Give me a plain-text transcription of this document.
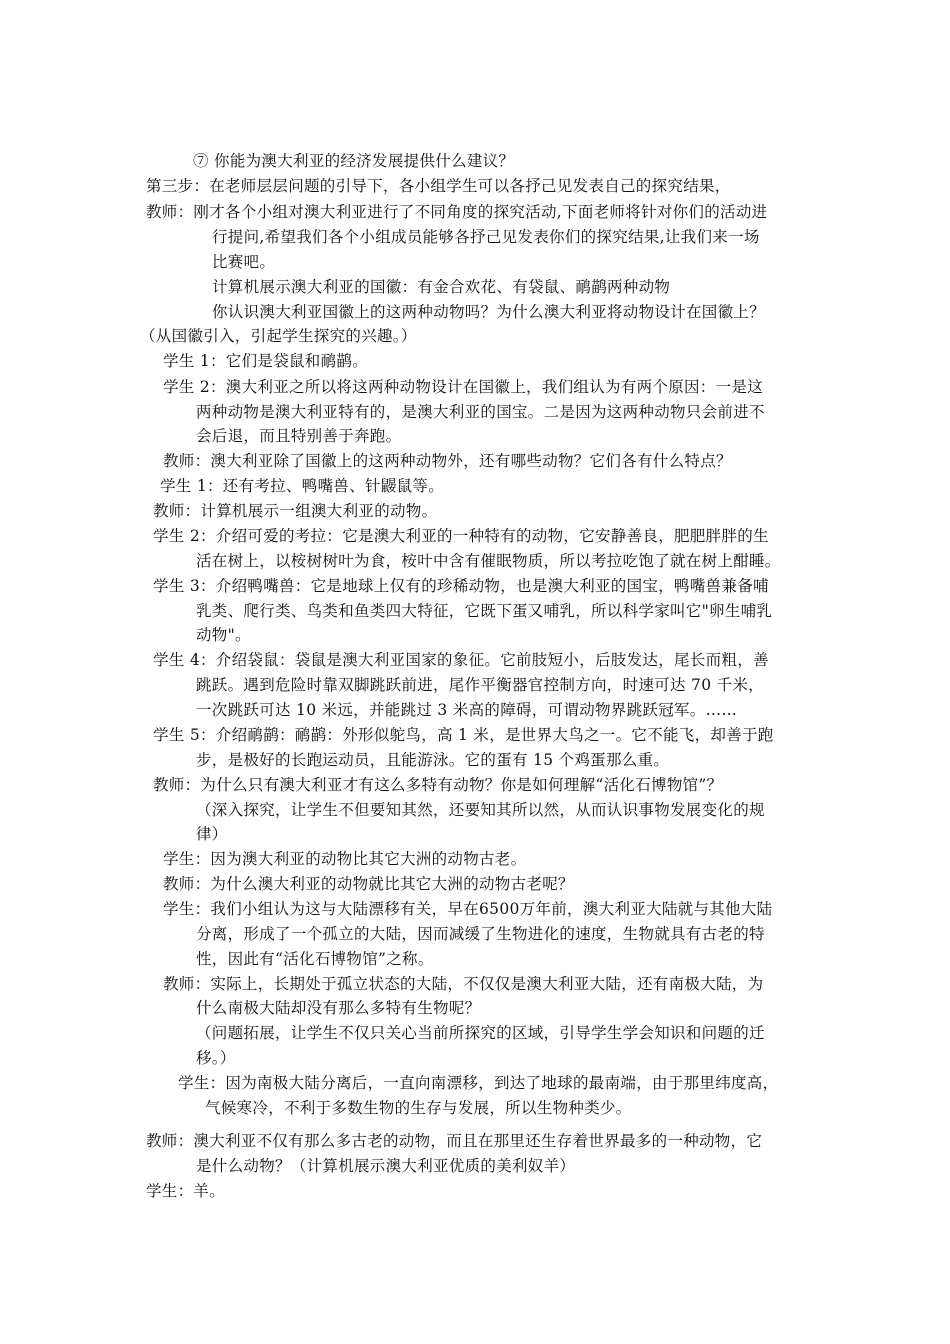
⑦ 你能为澳大利亚的经济发展提供什么建议？
第三步：在老师层层问题的引导下，各小组学生可以各抒己见发表自己的探究结果，
教师：刚才各个小组对澳大利亚进行了不同角度的探究活动,下面老师将针对你们的活动进
行提问,希望我们各个小组成员能够各抒己见发表你们的探究结果,让我们来一场
比赛吧。
计算机展示澳大利亚的国徽：有金合欢花、有袋鼠、鸸鹋两种动物
你认识澳大利亚国徽上的这两种动物吗？为什么澳大利亚将动物设计在国徽上？
（从国徽引入，引起学生探究的兴趣。）
学生 1：它们是袋鼠和鸸鹋。
学生 2：澳大利亚之所以将这两种动物设计在国徽上，我们组认为有两个原因：一是这
两种动物是澳大利亚特有的，是澳大利亚的国宝。二是因为这两种动物只会前进不
会后退，而且特别善于奔跑。
教师：澳大利亚除了国徽上的这两种动物外，还有哪些动物？它们各有什么特点？
学生 1：还有考拉、鸭嘴兽、针鼹鼠等。
教师：计算机展示一组澳大利亚的动物。
学生 2：介绍可爱的考拉：它是澳大利亚的一种特有的动物，它安静善良，肥肥胖胖的生
活在树上，以桉树树叶为食，桉叶中含有催眠物质，所以考拉吃饱了就在树上酣睡。
学生 3：介绍鸭嘴兽：它是地球上仅有的珍稀动物，也是澳大利亚的国宝，鸭嘴兽兼备哺
乳类、爬行类、鸟类和鱼类四大特征，它既下蛋又哺乳，所以科学家叫它"卵生哺乳
动物"。
学生 4：介绍袋鼠：袋鼠是澳大利亚国家的象征。它前肢短小，后肢发达，尾长而粗，善
跳跃。遇到危险时靠双脚跳跃前进，尾作平衡器官控制方向，时速可达 70 千米，
一次跳跃可达 10 米远，并能跳过 3 米高的障碍，可谓动物界跳跃冠军。……
学生 5：介绍鸸鹋：鸸鹋：外形似鸵鸟，高 1 米，是世界大鸟之一。它不能飞，却善于跑
步，是极好的长跑运动员，且能游泳。它的蛋有 15 个鸡蛋那么重。
教师：为什么只有澳大利亚才有这么多特有动物？你是如何理解“活化石博物馆”？
（深入探究，让学生不但要知其然，还要知其所以然，从而认识事物发展变化的规
律）
学生：因为澳大利亚的动物比其它大洲的动物古老。
教师：为什么澳大利亚的动物就比其它大洲的动物古老呢？
学生：我们小组认为这与大陆漂移有关，早在6500万年前，澳大利亚大陆就与其他大陆
分离，形成了一个孤立的大陆，因而减缓了生物进化的速度，生物就具有古老的特
性，因此有“活化石博物馆”之称。
教师：实际上，长期处于孤立状态的大陆，不仅仅是澳大利亚大陆，还有南极大陆，为
什么南极大陆却没有那么多特有生物呢？
（问题拓展，让学生不仅只关心当前所探究的区域，引导学生学会知识和问题的迁
移。）
学生：因为南极大陆分离后，一直向南漂移，到达了地球的最南端，由于那里纬度高，
气候寒冷，不利于多数生物的生存与发展，所以生物种类少。
教师：澳大利亚不仅有那么多古老的动物，而且在那里还生存着世界最多的一种动物，它
是什么动物？（计算机展示澳大利亚优质的美利奴羊）
学生：羊。
